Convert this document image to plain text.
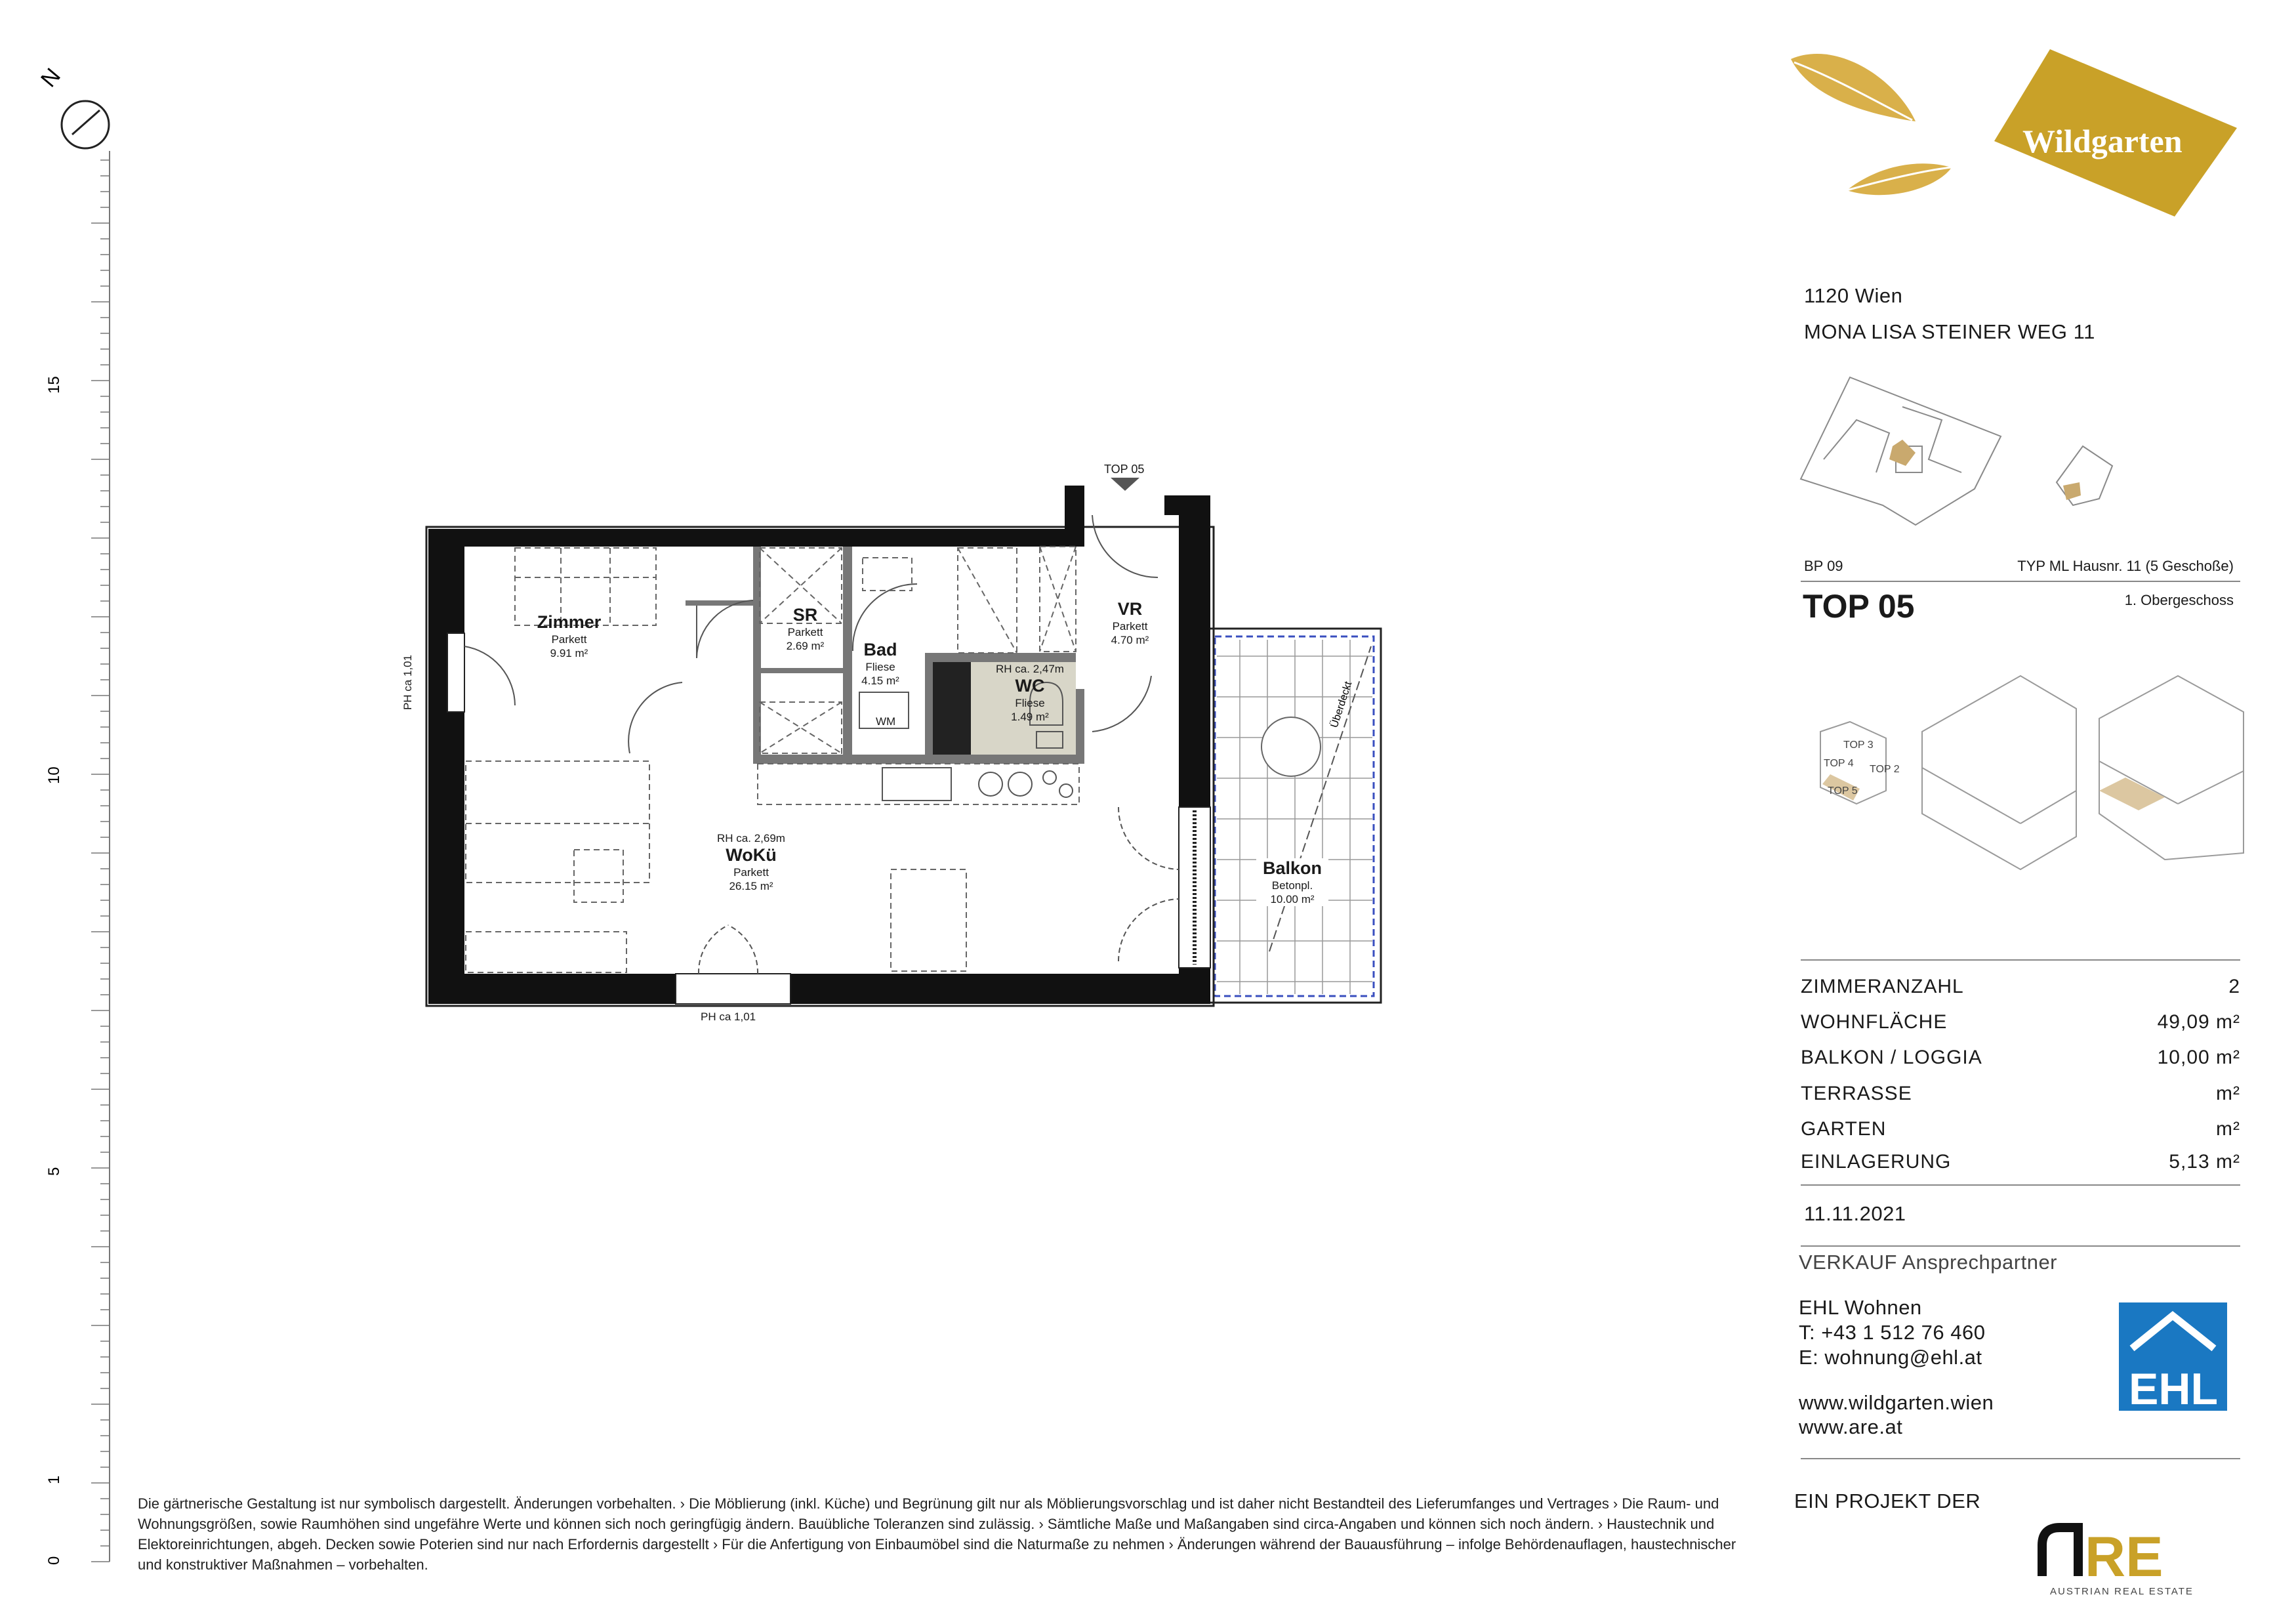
N
15
10
5
1
0
Überdeckt
Wildgarten
TOP 3
TOP 4
TOP 2
TOP 5
EHL
RE
AUSTRIAN REAL ESTATE
Zimmer
Parkett
9.91 m²
SR
Parkett
2.69 m²	Bad
Fliese
4.15 m²
RH ca. 2,47m
WC
Fliese
1.49 m²
VR
Parkett
4.70 m²
RH ca. 2,69m
WoKü
Parkett
26.15 m²
Balkon
Betonpl.
10.00 m²
TOP 05
PH ca 1,01
PH ca 1,01
WM
1120 Wien
MONA LISA STEINER WEG 11
BP 09	TYP ML Hausnr. 11 (5 Geschoße)
TOP 05	1. Obergeschoss
ZIMMERANZAHL	2
WOHNFLÄCHE	49,09 m²
BALKON / LOGGIA	10,00 m²
TERRASSE	m²
GARTEN	m²
EINLAGERUNG	5,13 m²
11.11.2021
VERKAUF Ansprechpartner
EHL Wohnen
T: +43 1 512 76 460
E: wohnung@ehl.at
www.wildgarten.wien
www.are.at
EIN PROJEKT DER
Die gärtnerische Gestaltung ist nur symbolisch dargestellt. Änderungen vorbehalten. › Die Möblierung (inkl. Küche) und Begrünung gilt nur als Möblierungsvorschlag und ist daher nicht Bestandteil des Lieferumfanges und Vertrages › Die Raum- und Wohnungsgrößen, sowie Raumhöhen sind ungefähre Werte und können sich noch geringfügig ändern. Bauübliche Toleranzen sind zulässig. › Sämtliche Maße und Maßangaben sind circa-Angaben und können sich noch ändern. › Haustechnik und Elektoreinrichtungen, abgeh. Decken sowie Poterien sind nur nach Erfordernis dargestellt › Für die Anfertigung von Einbaumöbel sind die Naturmaße zu nehmen › Änderungen während der Bauausführung – infolge Behördenauflagen, haustechnischer und konstruktiver Maßnahmen – vorbehalten.
